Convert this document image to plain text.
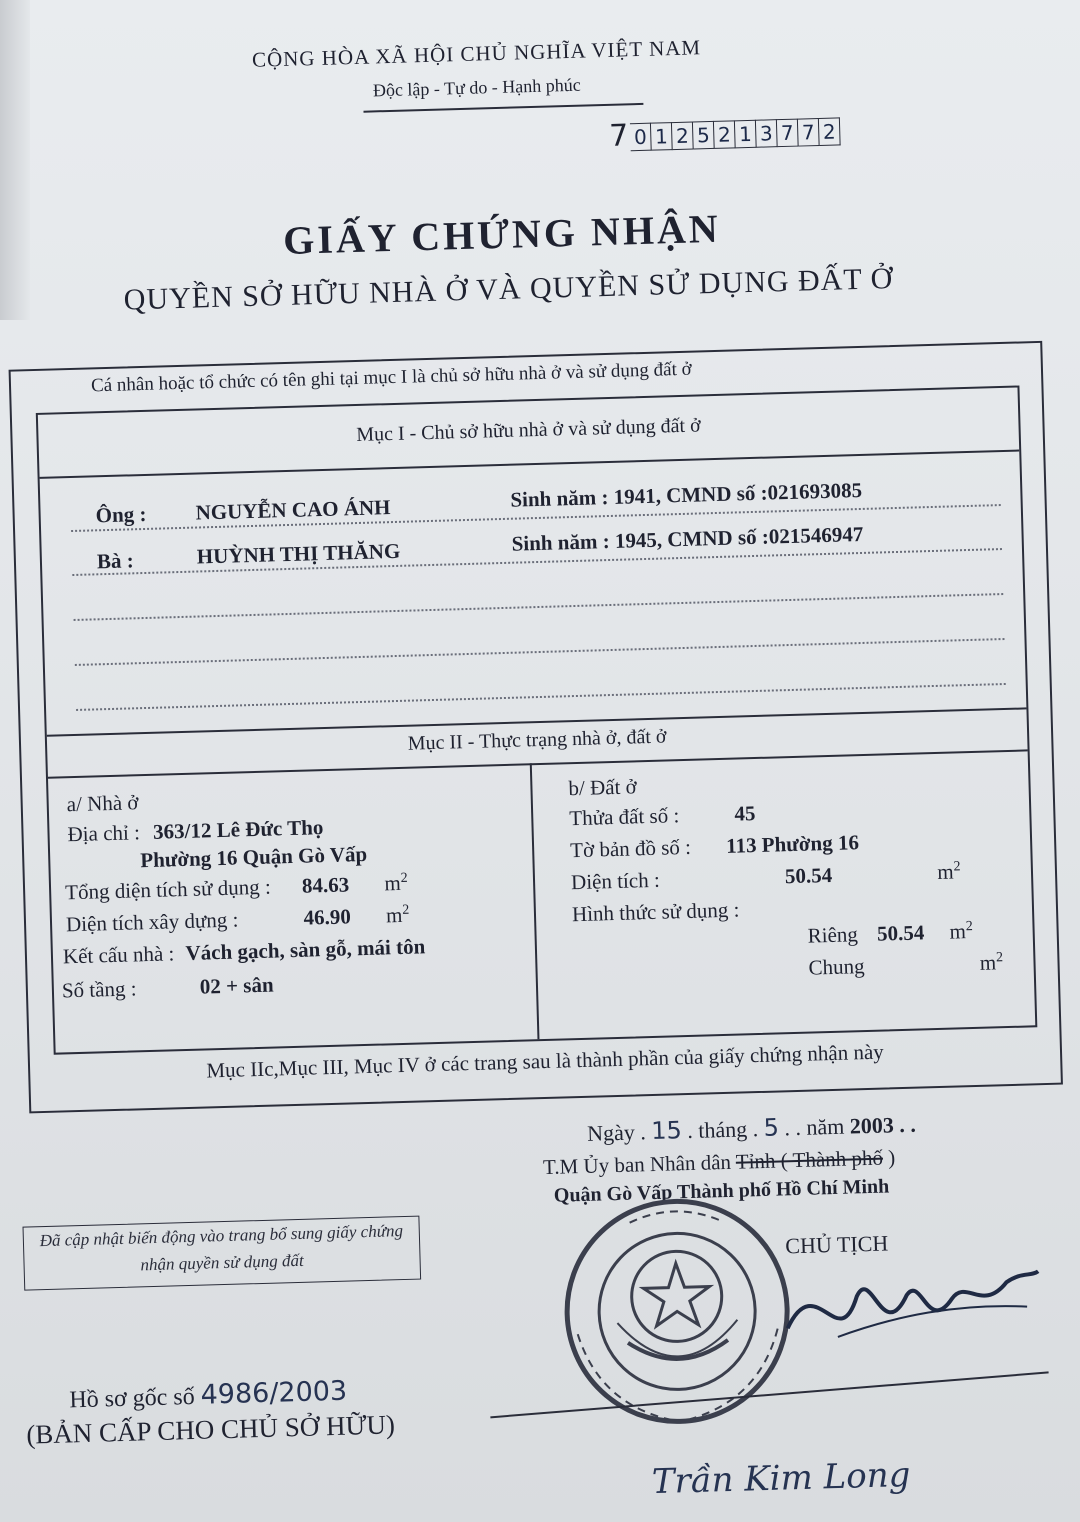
CỘNG HÒA XÃ HỘI CHỦ NGHĨA VIỆT NAM
Độc lập - Tự do - Hạnh phúc
7 0 1 2 5 2 1 3 7 7 2
GIẤY CHỨNG NHẬN
QUYỀN SỞ HỮU NHÀ Ở VÀ QUYỀN SỬ DỤNG ĐẤT Ở
Cá nhân hoặc tổ chức có tên ghi tại mục I là chủ sở hữu nhà ở và sử dụng đất ở
Mục I - Chủ sở hữu nhà ở và sử dụng đất ở
Ông : NGUYỄN CAO ÁNH	Sinh năm : 1941, CMND số :021693085
Bà :	HUỲNH THỊ THĂNG	Sinh năm : 1945, CMND số :021546947
Mục II - Thực trạng nhà ở, đất ở
a/ Nhà ở
Địa chỉ : 363/12 Lê Đức Thọ
Phường 16 Quận Gò Vấp
Tổng diện tích sử dụng : 84.63 $m^2$
Diện tích xây dựng :	46.90 $m^2$
Kết cấu nhà : Vách gạch, sàn gỗ, mái tôn
Số tầng :	02 + sân
b/ Đất ở
Thửa đất số :	45
Tờ bản đồ số : 113 Phường 16
Diện tích :	50.54	$m^2$
Hình thức sử dụng :
Riêng 50.54 $m^2$
Chung	$m^2$
Mục IIc,Mục III, Mục IV ở các trang sau là thành phần của giấy chứng nhận này
Ngày . 15 . tháng . 5 . . năm 2003 . .
T.M Ủy ban Nhân dân Tỉnh ( Thành phố )
Quận Gò Vấp Thành phố Hồ Chí Minh
CHỦ TỊCH
Đã cập nhật biến động vào trang bổ sung giấy chứng nhận quyền sử dụng đất
Hồ sơ gốc số 4986/2003
(BẢN CẤP CHO CHỦ SỞ HỮU)
Trần Kim Long
